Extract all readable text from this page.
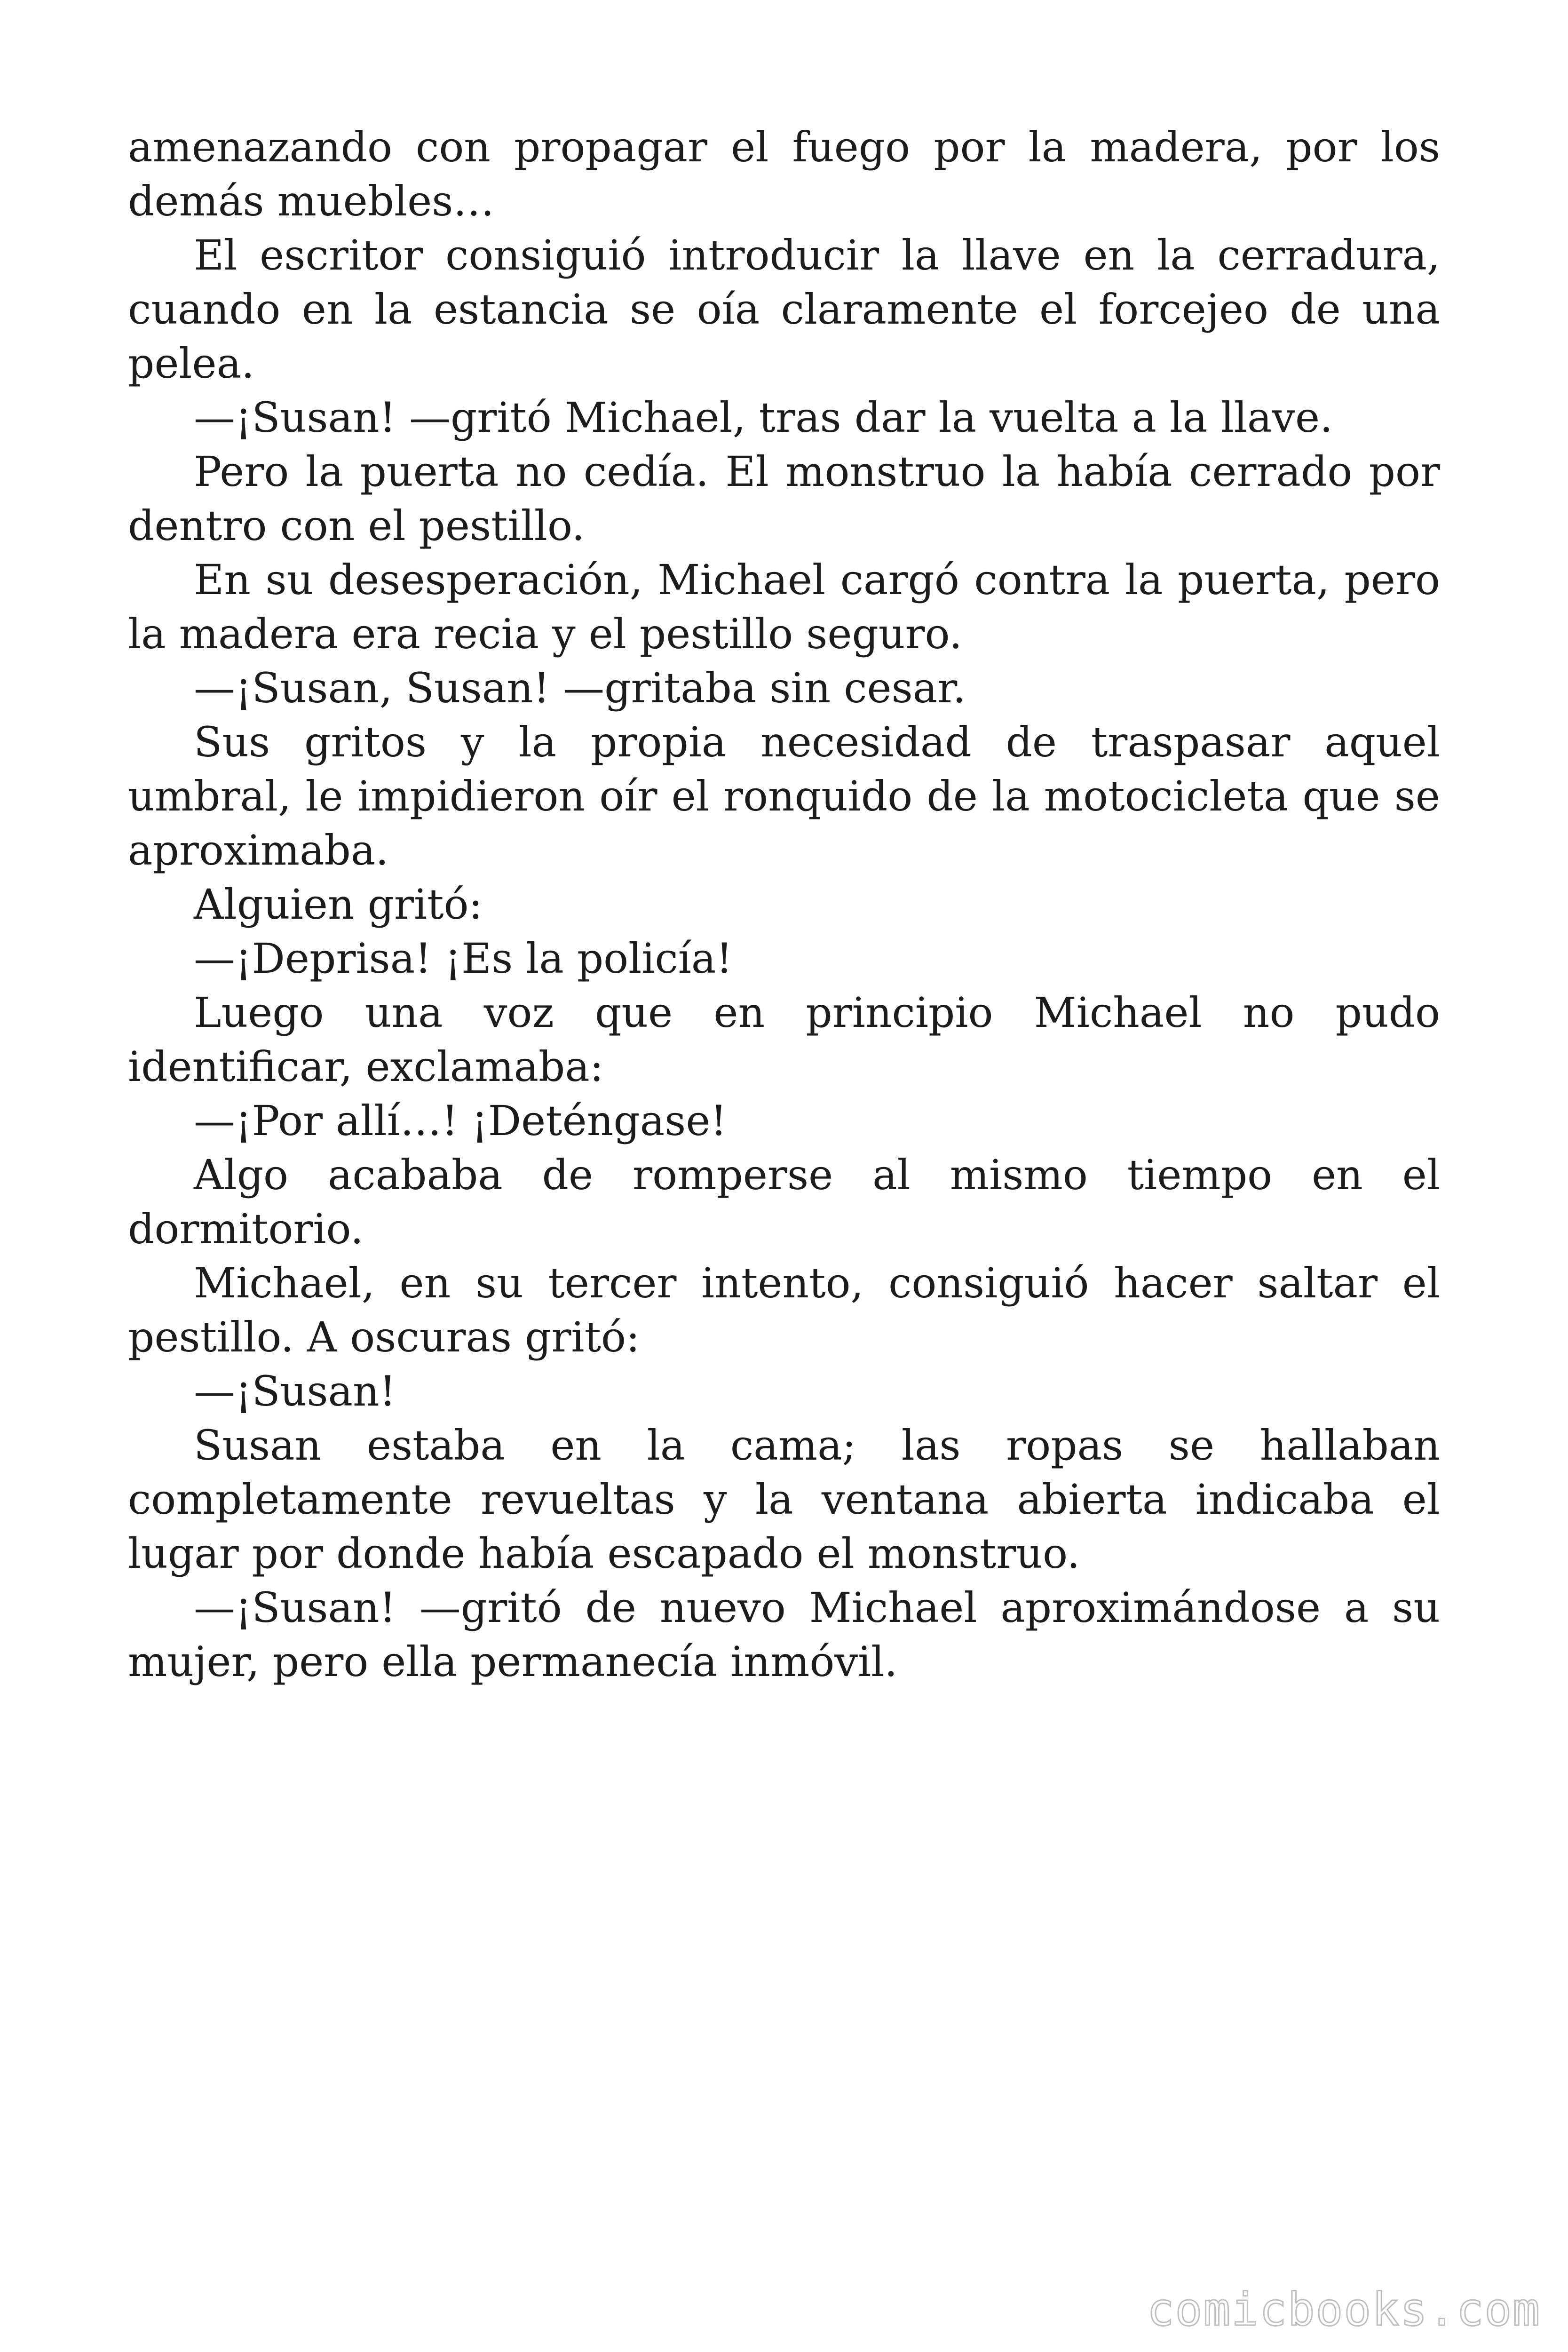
amenazando con propagar el fuego por la madera, por los demás muebles…

El escritor consiguió introducir la llave en la cerradura, cuando en la estancia se oía claramente el forcejeo de una pelea.

—¡Susan! —gritó Michael, tras dar la vuelta a la llave.

Pero la puerta no cedía. El monstruo la había cerrado por dentro con el pestillo.

En su desesperación, Michael cargó contra la puerta, pero la madera era recia y el pestillo seguro.

—¡Susan, Susan! —gritaba sin cesar.

Sus gritos y la propia necesidad de traspasar aquel umbral, le impidieron oír el ronquido de la motocicleta que se aproximaba.

Alguien gritó:

—¡Deprisa! ¡Es la policía!

Luego una voz que en principio Michael no pudo identificar, exclamaba:

—¡Por allí…! ¡Deténgase!

Algo acababa de romperse al mismo tiempo en el dormitorio.

Michael, en su tercer intento, consiguió hacer saltar el pestillo. A oscuras gritó:

—¡Susan!

Susan estaba en la cama; las ropas se hallaban completamente revueltas y la ventana abierta indicaba el lugar por donde había escapado el monstruo.

—¡Susan! —gritó de nuevo Michael aproximándose a su mujer, pero ella permanecía inmóvil.

comicbooks.com
